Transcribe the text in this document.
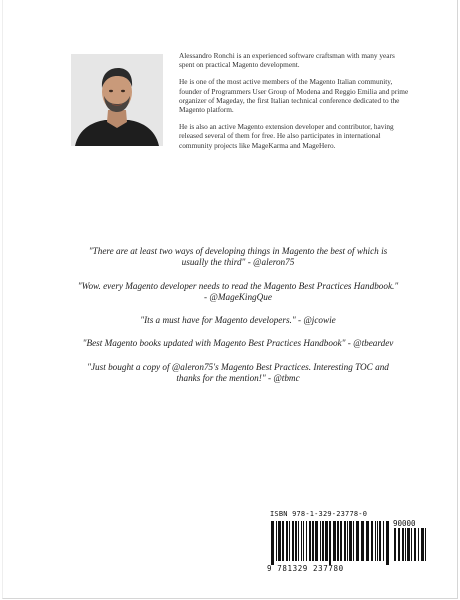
Alessandro Ronchi is an experienced software craftsman with many years spent on practical Magento development.

He is one of the most active members of the Magento Italian community, founder of Programmers User Group of Modena and Reggio Emilia and prime organizer of Mageday, the first Italian technical conference dedicated to the Magento platform.

He is also an active Magento extension developer and contributor, having released several of them for free. He also participates in international community projects like MageKarma and MageHero.

"There are at least two ways of developing things in Magento the best of which is usually the third" - @aleron75

"Wow. every Magento developer needs to read the Magento Best Practices Handbook." - @MageKingQue

"Its a must have for Magento developers." - @jcowie

"Best Magento books updated with Magento Best Practices Handbook" - @tbeardev

"Just bought a copy of @aleron75's Magento Best Practices. Interesting TOC and thanks for the mention!" - @tbmc

ISBN 978-1-329-23778-0
90000
9 781329 237780
